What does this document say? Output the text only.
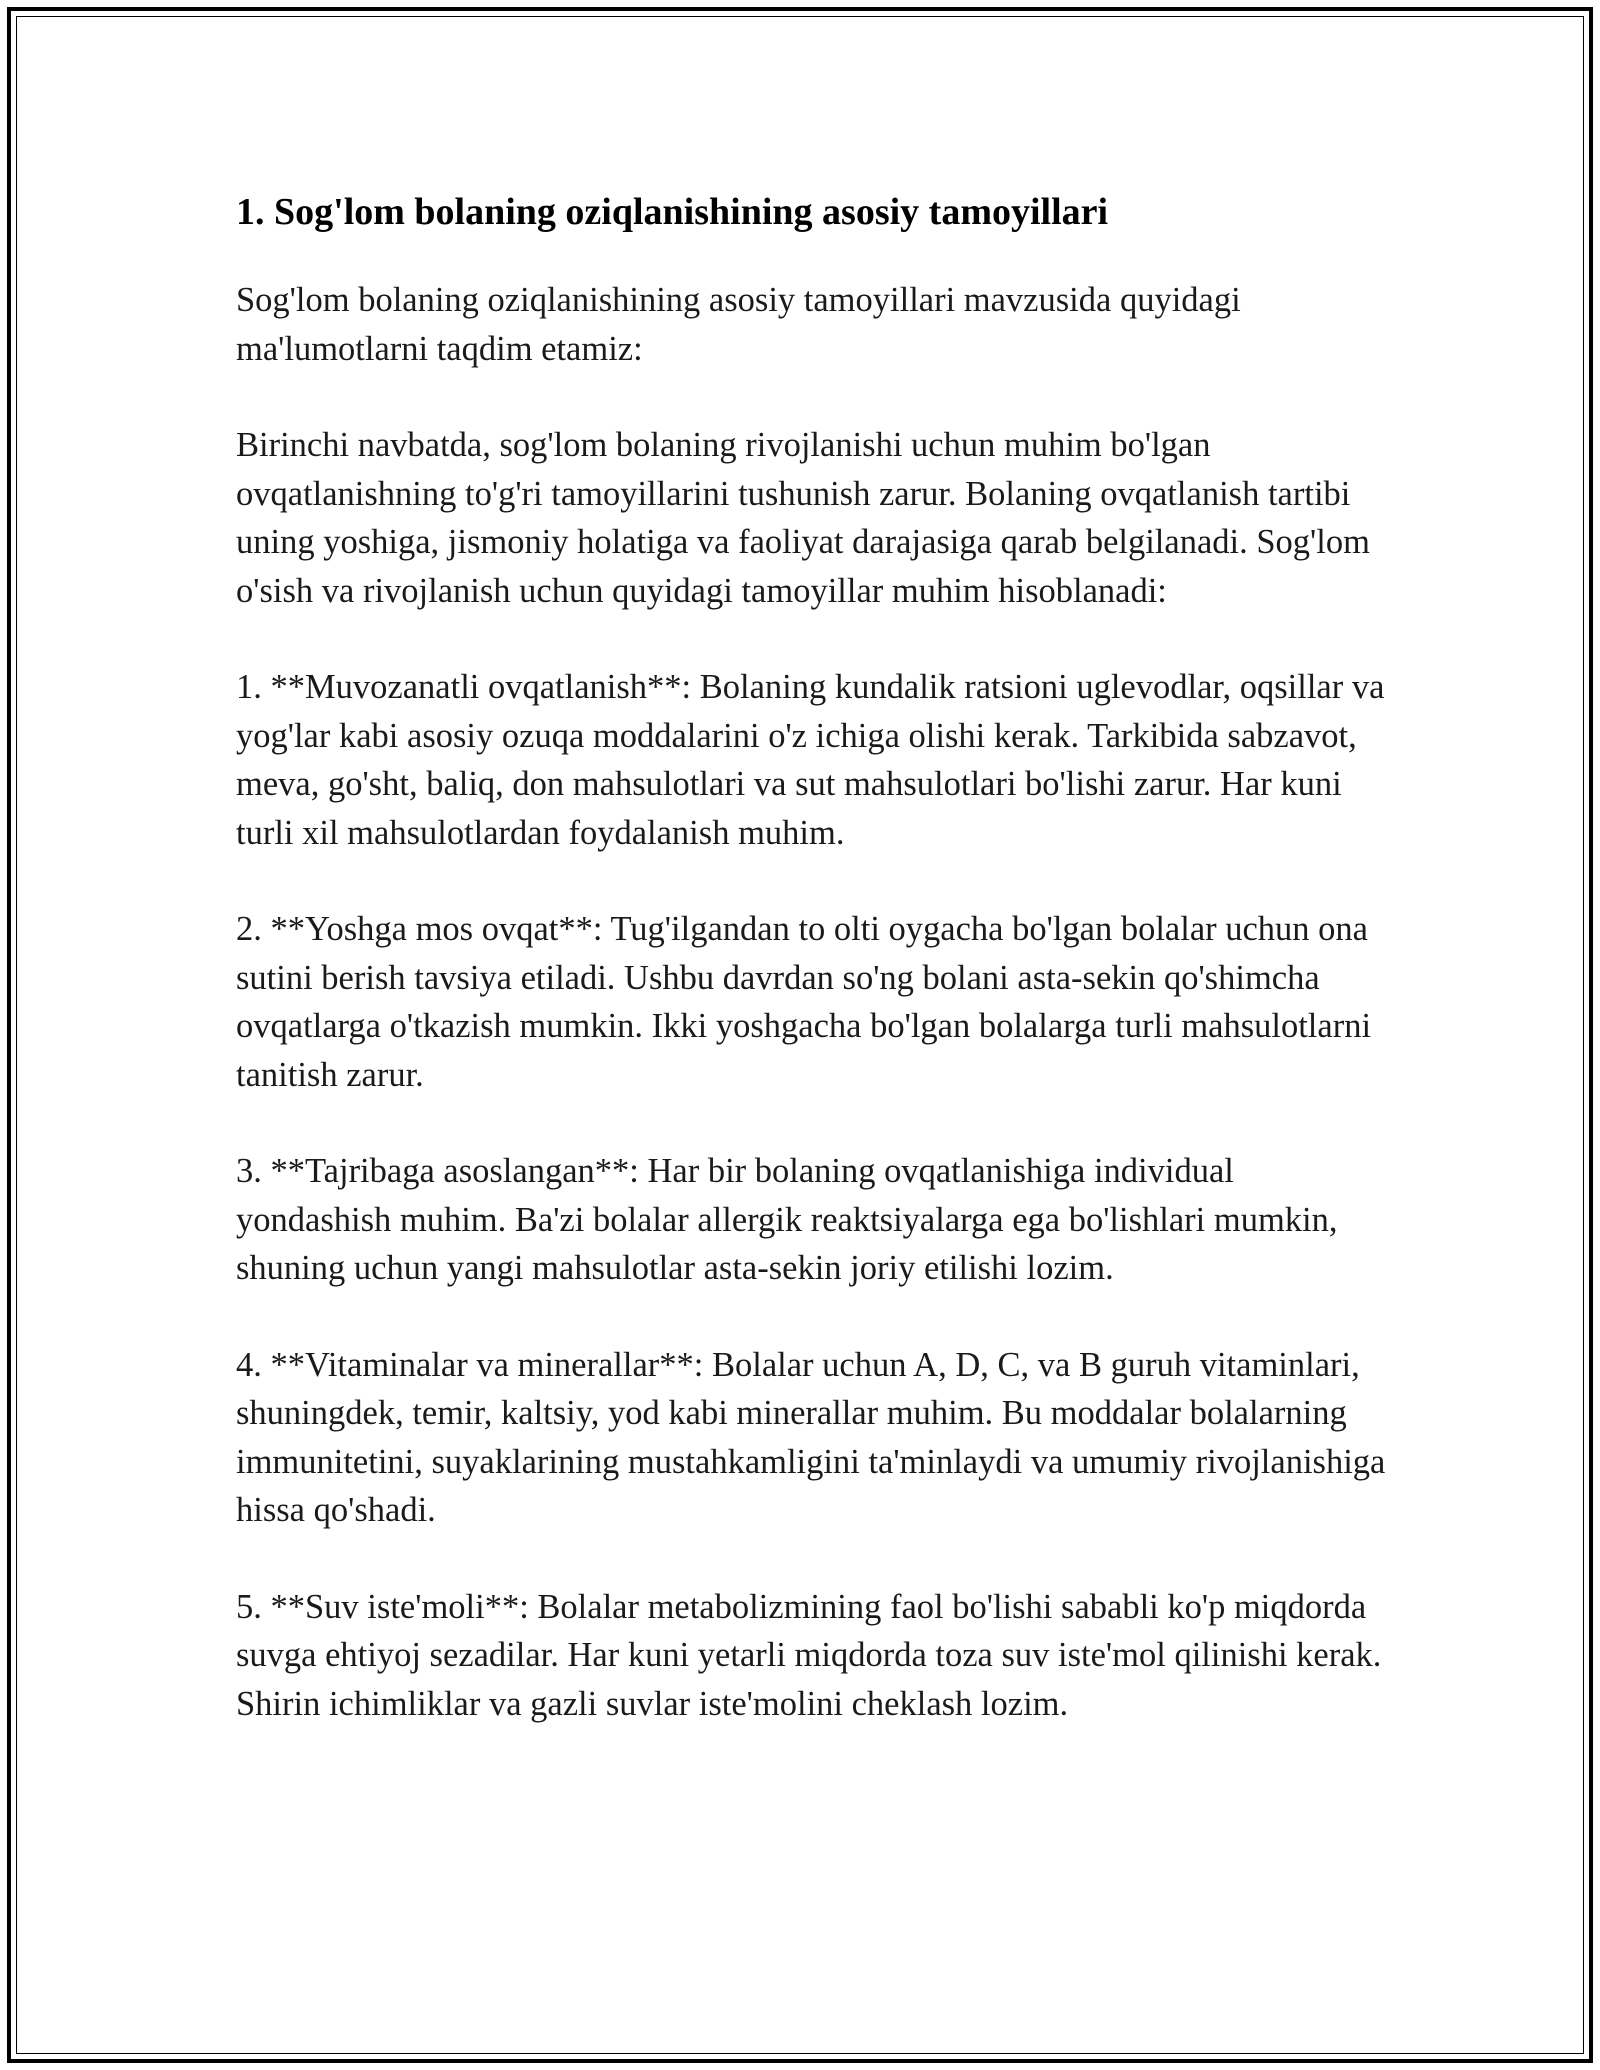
1. Sog'lom bolaning oziqlanishining asosiy tamoyillari

Sog'lom bolaning oziqlanishining asosiy tamoyillari mavzusida quyidagi ma'lumotlarni taqdim etamiz:

Birinchi navbatda, sog'lom bolaning rivojlanishi uchun muhim bo'lgan ovqatlanishning to'g'ri tamoyillarini tushunish zarur. Bolaning ovqatlanish tartibi uning yoshiga, jismoniy holatiga va faoliyat darajasiga qarab belgilanadi. Sog'lom o'sish va rivojlanish uchun quyidagi tamoyillar muhim hisoblanadi:

1. **Muvozanatli ovqatlanish**: Bolaning kundalik ratsioni uglevodlar, oqsillar va yog'lar kabi asosiy ozuqa moddalarini o'z ichiga olishi kerak. Tarkibida sabzavot, meva, go'sht, baliq, don mahsulotlari va sut mahsulotlari bo'lishi zarur. Har kuni turli xil mahsulotlardan foydalanish muhim.

2. **Yoshga mos ovqat**: Tug'ilgandan to olti oygacha bo'lgan bolalar uchun ona sutini berish tavsiya etiladi. Ushbu davrdan so'ng bolani asta-sekin qo'shimcha ovqatlarga o'tkazish mumkin. Ikki yoshgacha bo'lgan bolalarga turli mahsulotlarni tanitish zarur.

3. **Tajribaga asoslangan**: Har bir bolaning ovqatlanishiga individual yondashish muhim. Ba'zi bolalar allergik reaktsiyalarga ega bo'lishlari mumkin, shuning uchun yangi mahsulotlar asta-sekin joriy etilishi lozim.

4. **Vitaminalar va minerallar**: Bolalar uchun A, D, C, va B guruh vitaminlari, shuningdek, temir, kaltsiy, yod kabi minerallar muhim. Bu moddalar bolalarning immunitetini, suyaklarining mustahkamligini ta'minlaydi va umumiy rivojlanishiga hissa qo'shadi.

5. **Suv iste'moli**: Bolalar metabolizmining faol bo'lishi sababli ko'p miqdorda suvga ehtiyoj sezadilar. Har kuni yetarli miqdorda toza suv iste'mol qilinishi kerak. Shirin ichimliklar va gazli suvlar iste'molini cheklash lozim.
